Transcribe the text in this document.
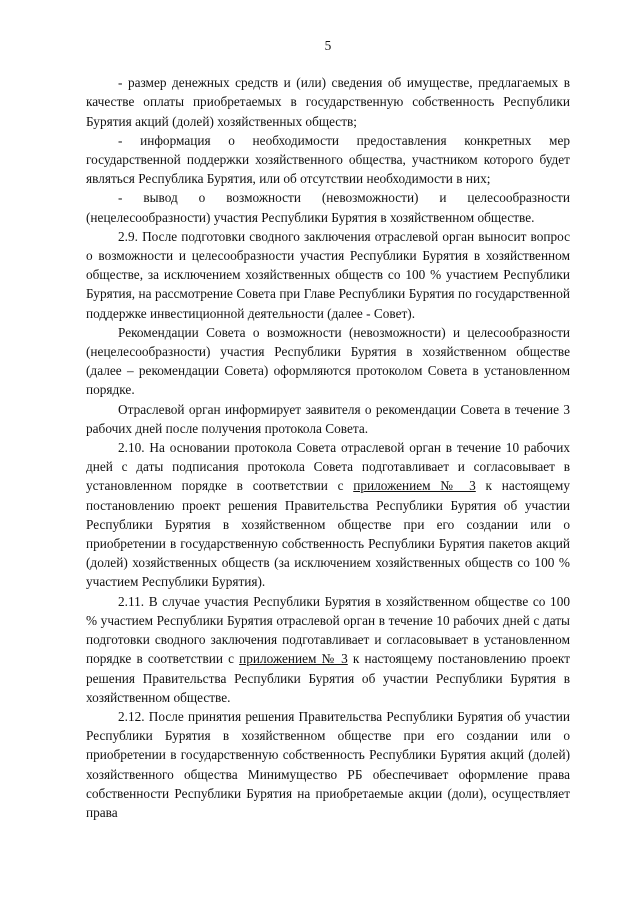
5

- размер денежных средств и (или) сведения об имуществе, предлагаемых в качестве оплаты приобретаемых в государственную собственность Республики Бурятия акций (долей) хозяйственных обществ;

- информация о необходимости предоставления конкретных мер государственной поддержки хозяйственного общества, участником которого будет являться Республика Бурятия, или об отсутствии необходимости в них;

- вывод о возможности (невозможности) и целесообразности (нецелесообразности) участия Республики Бурятия в хозяйственном обществе.

2.9. После подготовки сводного заключения отраслевой орган выносит вопрос о возможности и целесообразности участия Республики Бурятия в хозяйственном обществе, за исключением хозяйственных обществ со 100 % участием Республики Бурятия, на рассмотрение Совета при Главе Республики Бурятия по государственной поддержке инвестиционной деятельности (далее - Совет).

Рекомендации Совета о возможности (невозможности) и целесообразности (нецелесообразности) участия Республики Бурятия в хозяйственном обществе (далее – рекомендации Совета) оформляются протоколом Совета в установленном порядке.

Отраслевой орган информирует заявителя о рекомендации Совета в течение 3 рабочих дней после получения протокола Совета.

2.10. На основании протокола Совета отраслевой орган в течение 10 рабочих дней с даты подписания протокола Совета подготавливает и согласовывает в установленном порядке в соответствии с приложением № 3 к настоящему постановлению проект решения Правительства Республики Бурятия об участии Республики Бурятия в хозяйственном обществе при его создании или о приобретении в государственную собственность Республики Бурятия пакетов акций (долей) хозяйственных обществ (за исключением хозяйственных обществ со 100 % участием Республики Бурятия).

2.11. В случае участия Республики Бурятия в хозяйственном обществе со 100 % участием Республики Бурятия отраслевой орган в течение 10 рабочих дней с даты подготовки сводного заключения подготавливает и согласовывает в установленном порядке в соответствии с приложением № 3 к настоящему постановлению проект решения Правительства Республики Бурятия об участии Республики Бурятия в хозяйственном обществе.

2.12. После принятия решения Правительства Республики Бурятия об участии Республики Бурятия в хозяйственном обществе при его создании или о приобретении в государственную собственность Республики Бурятия акций (долей) хозяйственного общества Минимущество РБ обеспечивает оформление права собственности Республики Бурятия на приобретаемые акции (доли), осуществляет права
